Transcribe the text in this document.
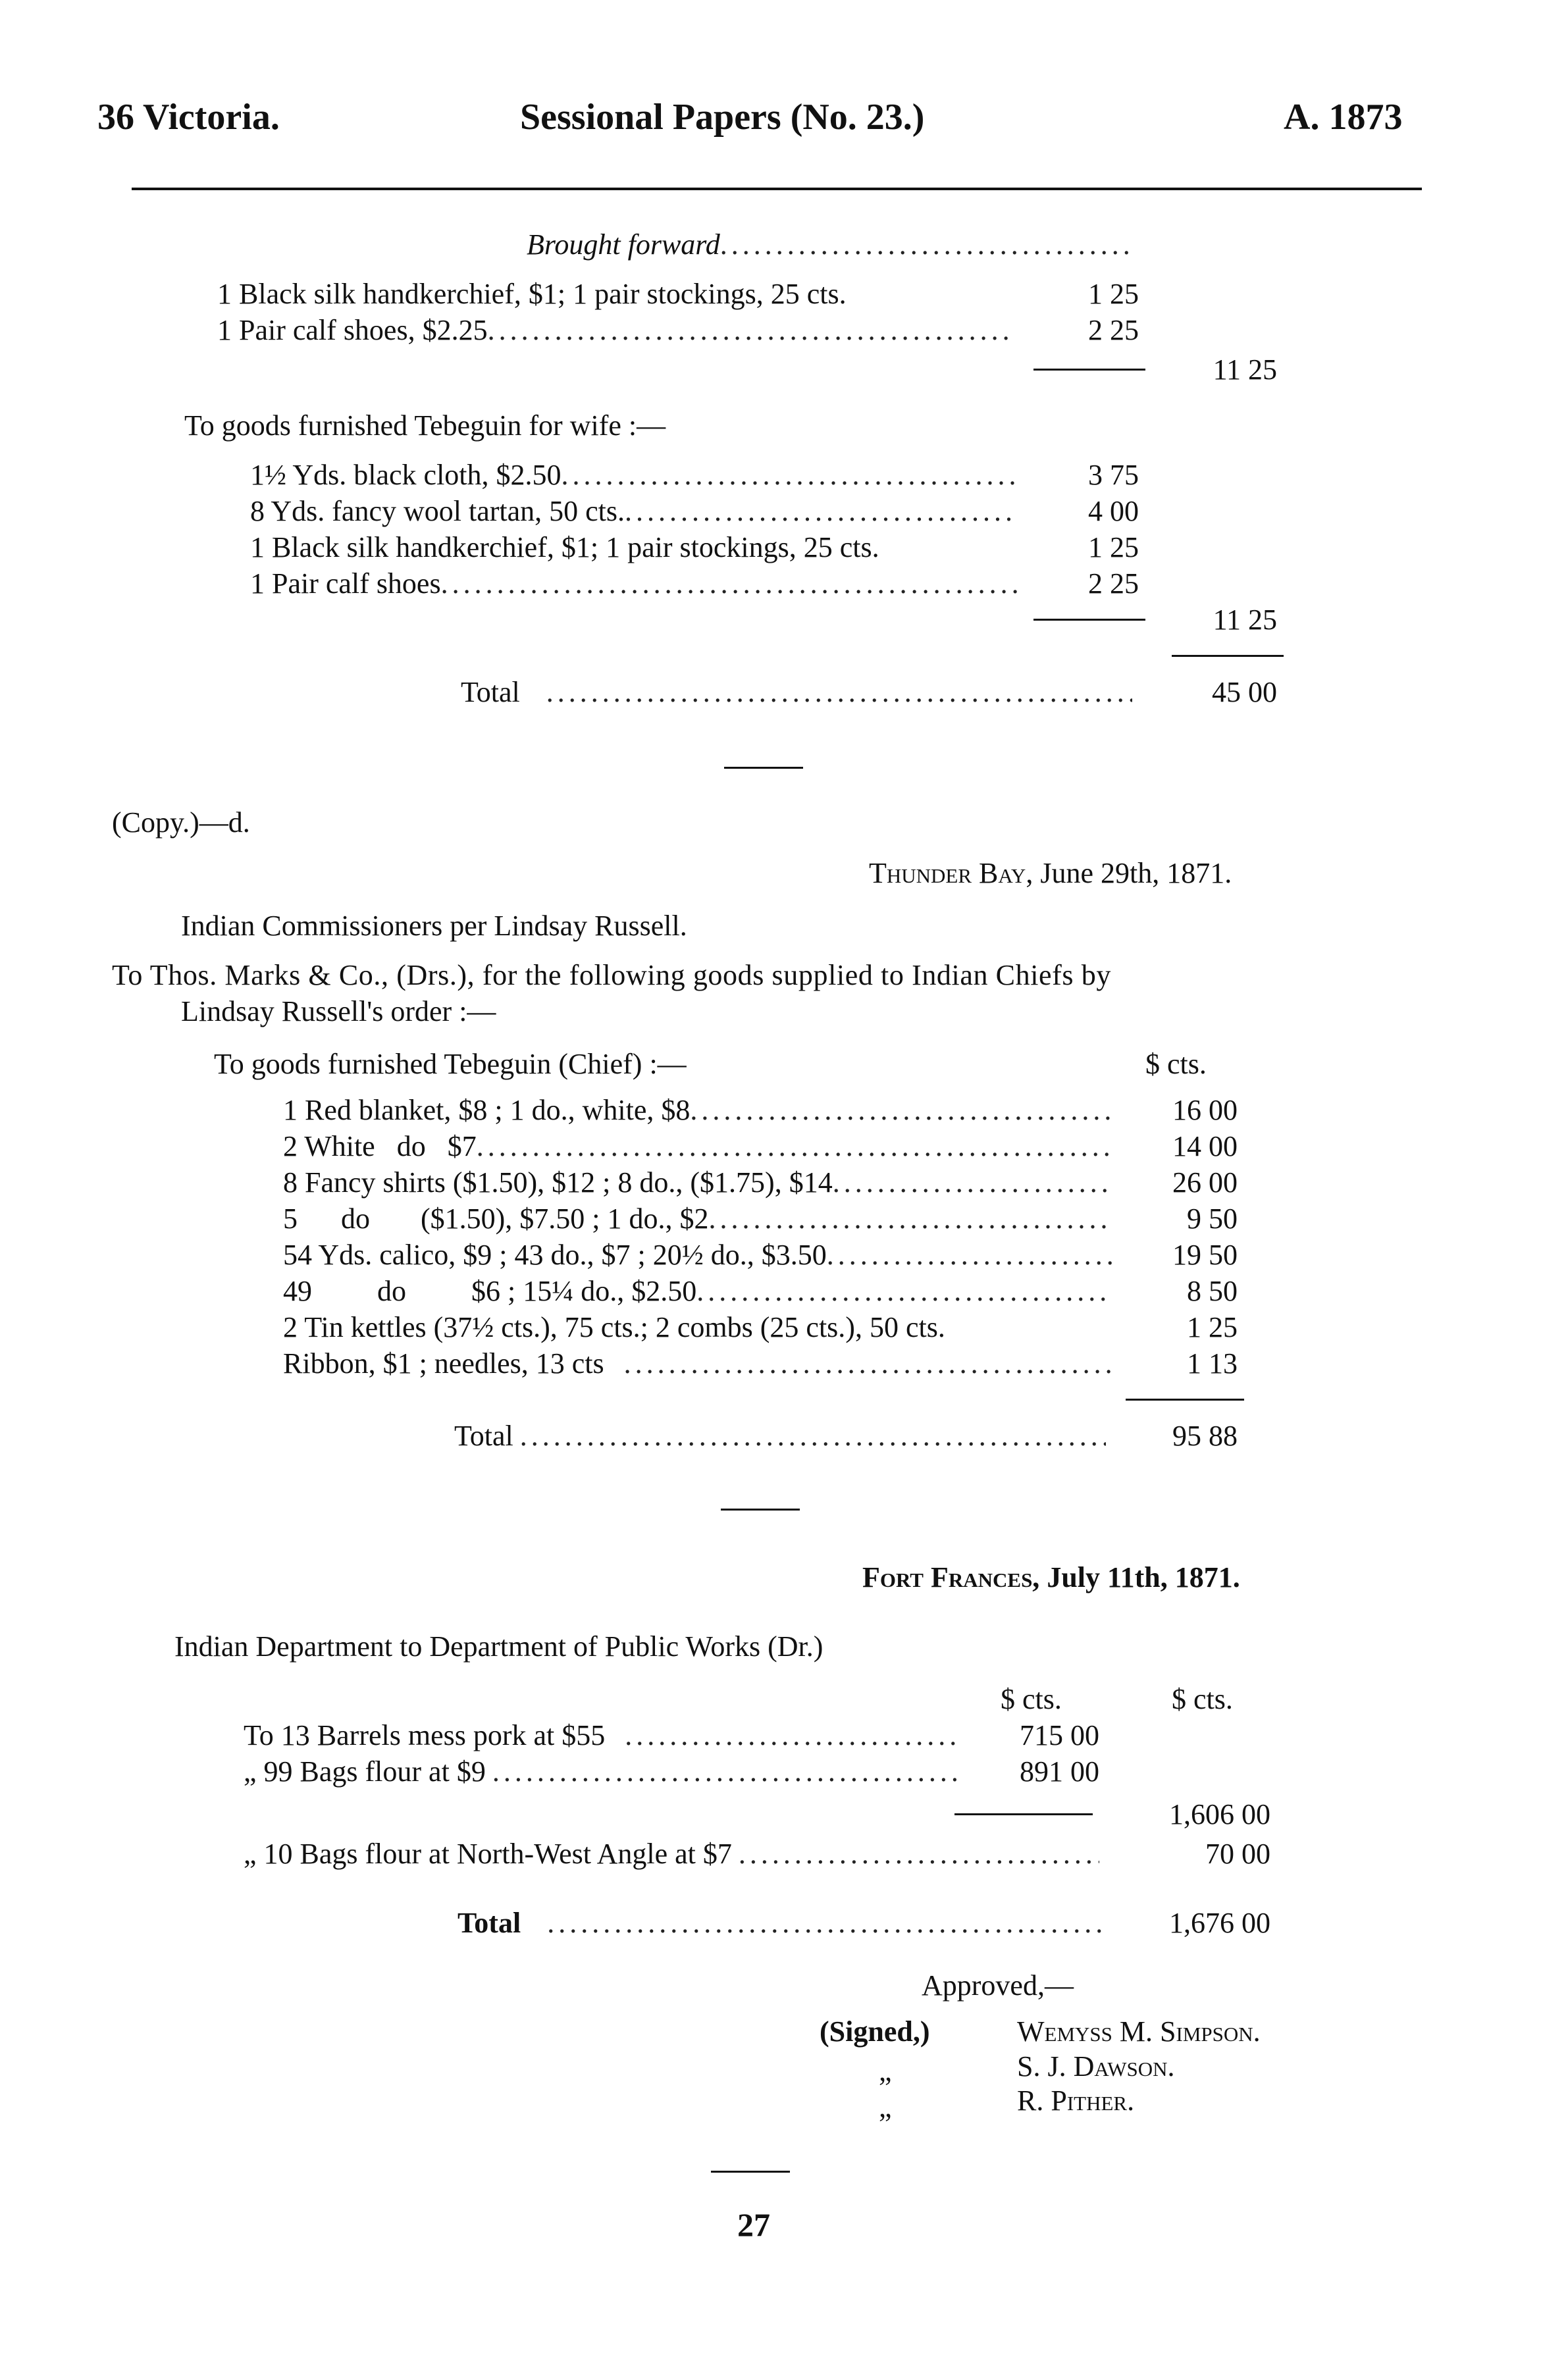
36 Victoria.	Sessional Papers (No. 23.)	A. 1873
Brought forward
.....
1 Black silk handkerchief, $1; 1 pair stockings, 25 cts.	1 25
1 Pair calf shoes, $2.25 .....	2 25
11 25
To goods furnished Tebeguin for wife :—
1½ Yds. black cloth, $2.50 .....	3 75
8 Yds. fancy wool tartan, 50 cts. .....	4 00
1 Black silk handkerchief, $1; 1 pair stockings, 25 cts.	1 25
1 Pair calf shoes .....	2 25
11 25
Total .....	45 00
(Copy.)—d.
Thunder Bay, June 29th, 1871.
Indian Commissioners per Lindsay Russell.
To Thos. Marks & Co., (Drs.), for the following goods supplied to Indian Chiefs by
Lindsay Russell's order :—
To goods furnished Tebeguin (Chief) :—	$ cts.
1 Red blanket, $8 ; 1 do., white, $8 .....	16 00
2 White   do   $7 .....	14 00
8 Fancy shirts ($1.50), $12 ; 8 do., ($1.75), $14 .....	26 00
5      do       ($1.50), $7.50 ; 1 do., $2 .....	9 50
54 Yds. calico, $9 ; 43 do., $7 ; 20½ do., $3.50 .....	19 50
49         do         $6 ; 15¼ do., $2.50 .....	8 50
2 Tin kettles (37½ cts.), 75 cts.; 2 combs (25 cts.), 50 cts.	1 25
Ribbon, $1 ; needles, 13 cts .....	1 13
Total .....	95 88
Fort Frances, July 11th, 1871.
Indian Department to Department of Public Works (Dr.)
$ cts.	$ cts.
To 13 Barrels mess pork at $55 .....	715 00
„ 99 Bags flour at $9 .....	891 00
1,606 00
„ 10 Bags flour at North-West Angle at $7 .....	70 00
Total .....	1,676 00
Approved,—
(Signed,)	Wemyss M. Simpson.
„	S. J. Dawson.
„	R. Pither.
27
